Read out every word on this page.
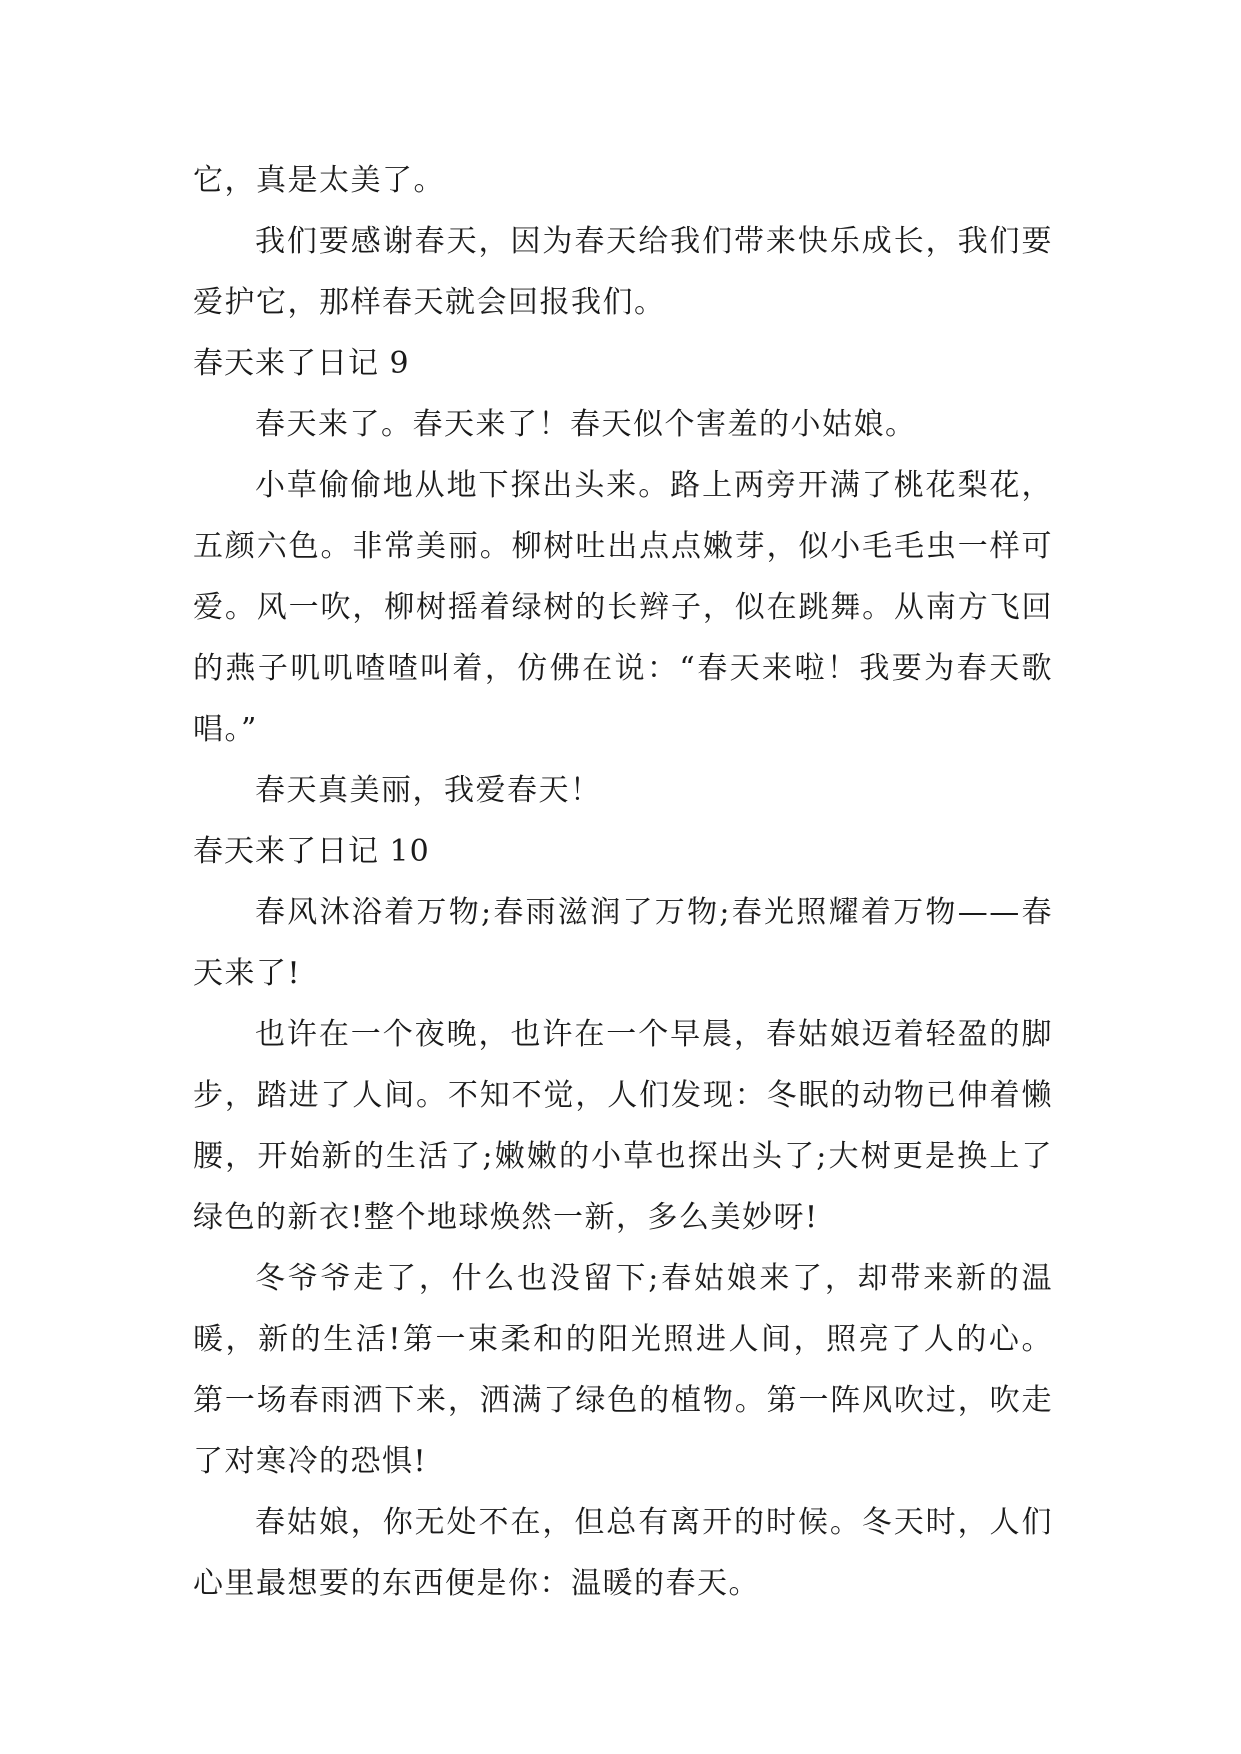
它，真是太美了。

我们要感谢春天，因为春天给我们带来快乐成长，我们要爱护它，那样春天就会回报我们。

春天来了日记 9

春天来了。春天来了！春天似个害羞的小姑娘。

小草偷偷地从地下探出头来。路上两旁开满了桃花梨花，五颜六色。非常美丽。柳树吐出点点嫩芽，似小毛毛虫一样可爱。风一吹，柳树摇着绿树的长辫子，似在跳舞。从南方飞回的燕子叽叽喳喳叫着，仿佛在说：“春天来啦！我要为春天歌唱。”

春天真美丽，我爱春天！

春天来了日记 10

春风沐浴着万物;春雨滋润了万物;春光照耀着万物——春天来了!

也许在一个夜晚，也许在一个早晨，春姑娘迈着轻盈的脚步，踏进了人间。不知不觉，人们发现：冬眠的动物已伸着懒腰，开始新的生活了;嫩嫩的小草也探出头了;大树更是换上了绿色的新衣!整个地球焕然一新，多么美妙呀!

冬爷爷走了，什么也没留下;春姑娘来了，却带来新的温暖，新的生活!第一束柔和的阳光照进人间，照亮了人的心。第一场春雨洒下来，洒满了绿色的植物。第一阵风吹过，吹走了对寒冷的恐惧!

春姑娘，你无处不在，但总有离开的时候。冬天时，人们心里最想要的东西便是你：温暖的春天。
